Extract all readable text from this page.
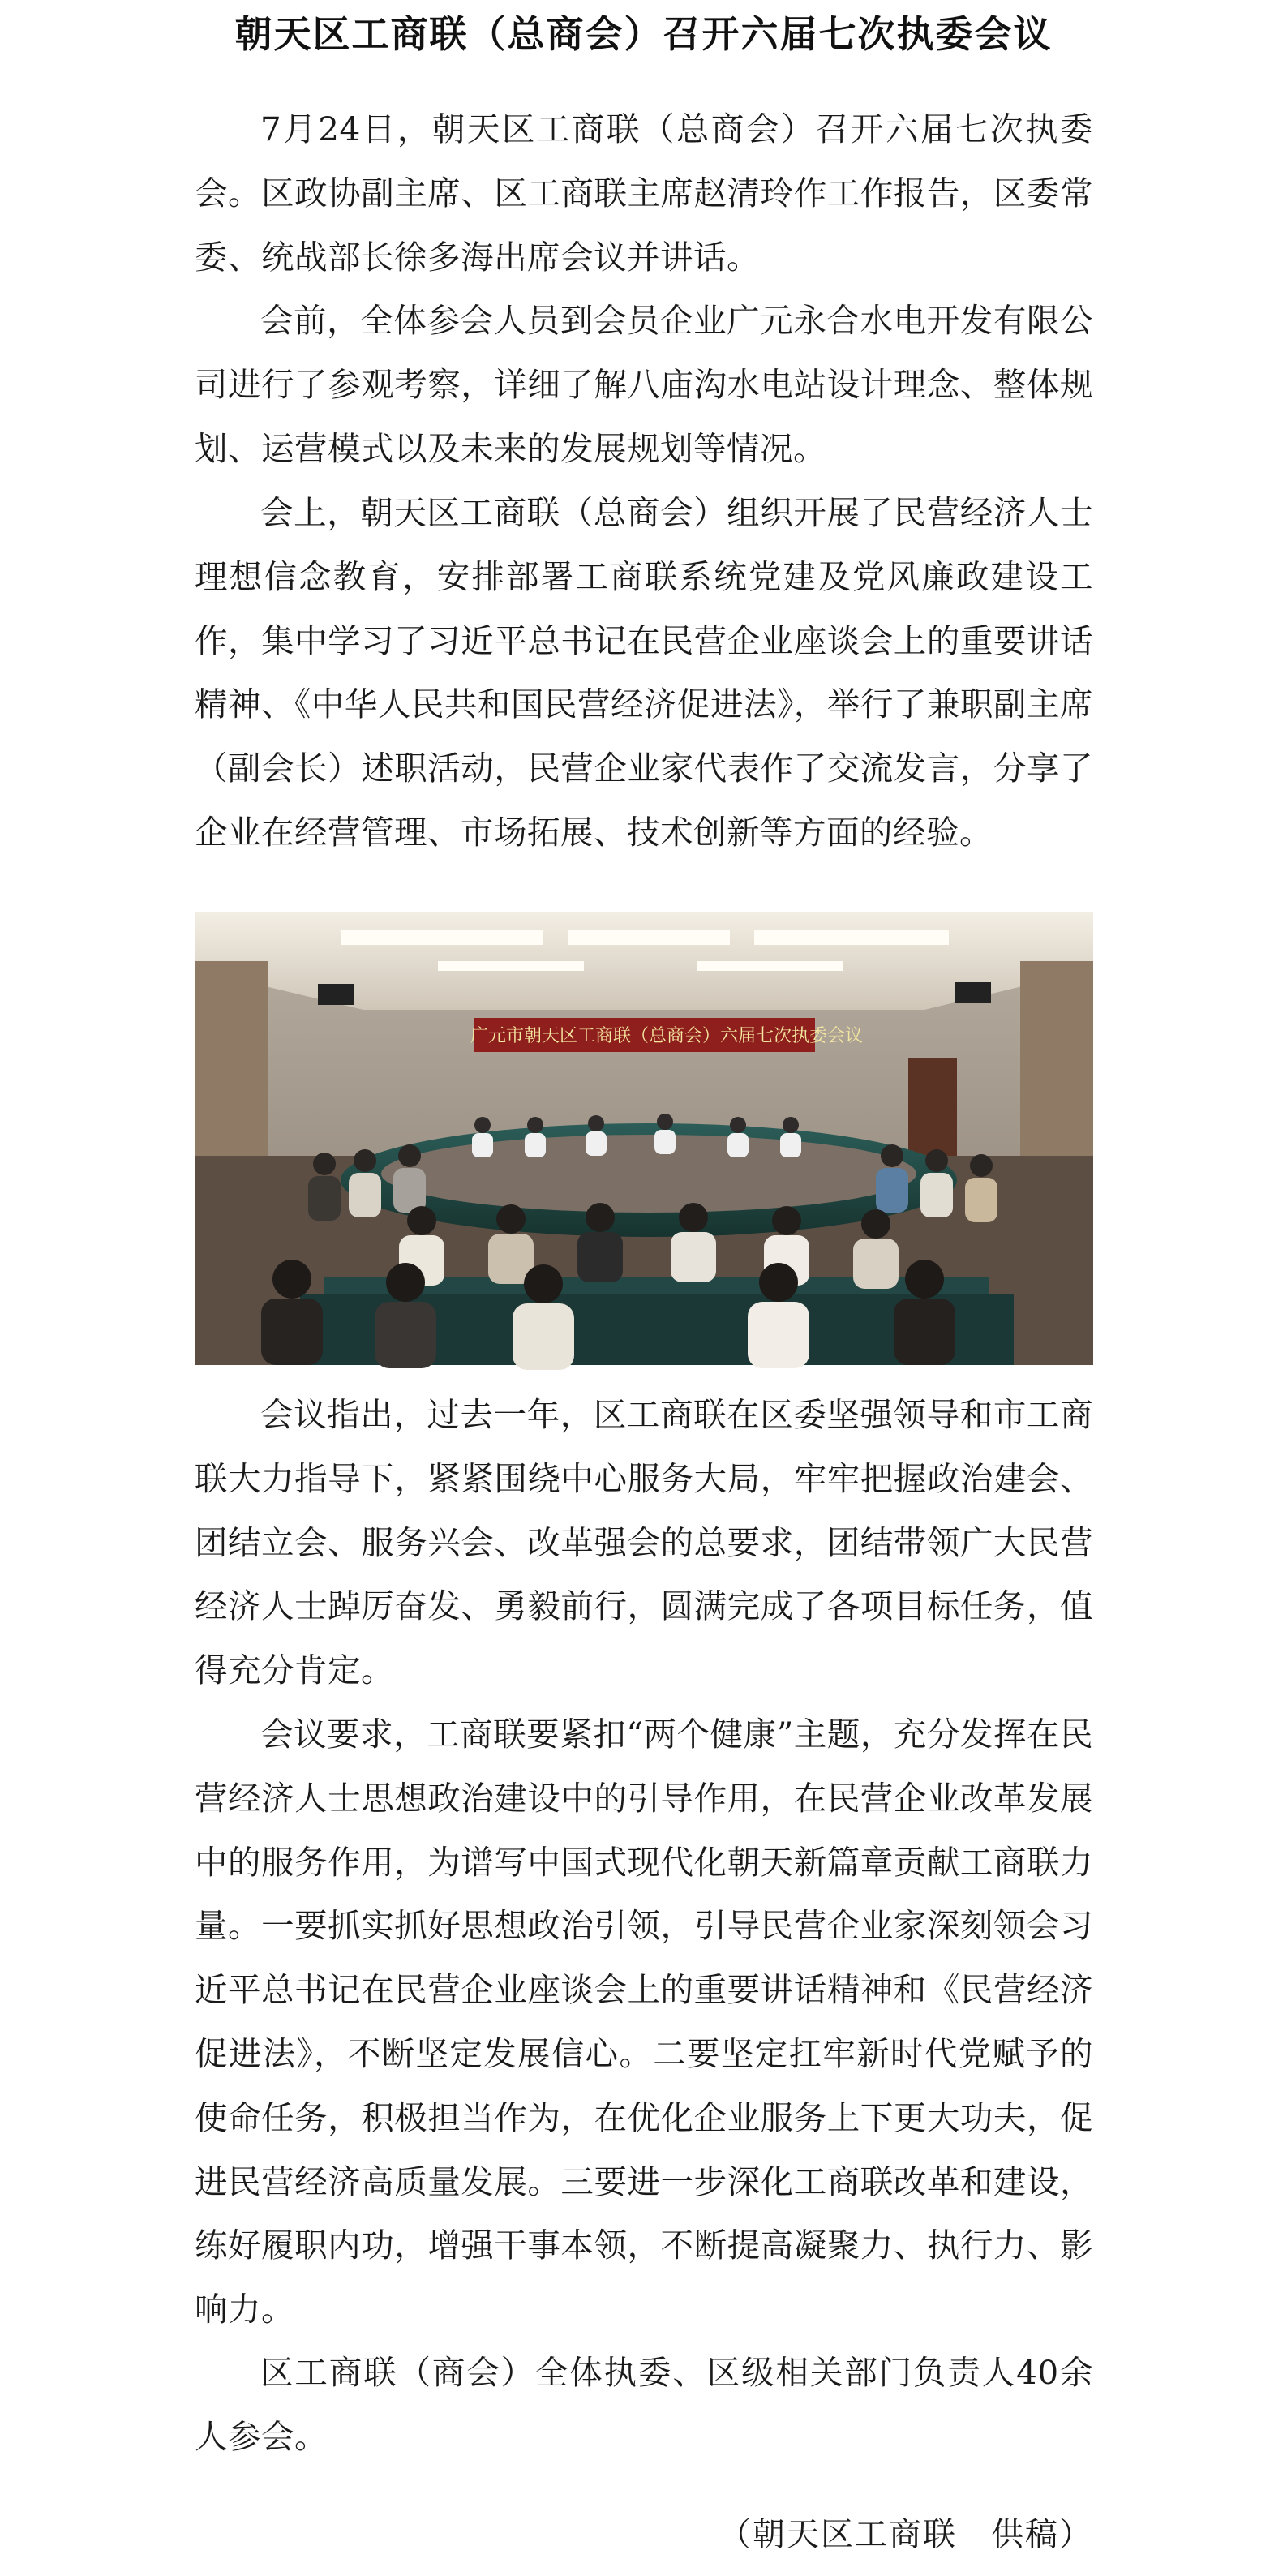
朝天区工商联（总商会）召开六届七次执委会议

7月24日，朝天区工商联（总商会）召开六届七次执委会。区政协副主席、区工商联主席赵清玲作工作报告，区委常委、统战部长徐多海出席会议并讲话。

会前，全体参会人员到会员企业广元永合水电开发有限公司进行了参观考察，详细了解八庙沟水电站设计理念、整体规划、运营模式以及未来的发展规划等情况。

会上，朝天区工商联（总商会）组织开展了民营经济人士理想信念教育，安排部署工商联系统党建及党风廉政建设工作，集中学习了习近平总书记在民营企业座谈会上的重要讲话精神、《中华人民共和国民营经济促进法》，举行了兼职副主席（副会长）述职活动，民营企业家代表作了交流发言，分享了企业在经营管理、市场拓展、技术创新等方面的经验。

广元市朝天区工商联（总商会）六届七次执委会议

会议指出，过去一年，区工商联在区委坚强领导和市工商联大力指导下，紧紧围绕中心服务大局，牢牢把握政治建会、团结立会、服务兴会、改革强会的总要求，团结带领广大民营经济人士踔厉奋发、勇毅前行，圆满完成了各项目标任务，值得充分肯定。

会议要求，工商联要紧扣“两个健康”主题，充分发挥在民营经济人士思想政治建设中的引导作用，在民营企业改革发展中的服务作用，为谱写中国式现代化朝天新篇章贡献工商联力量。一要抓实抓好思想政治引领，引导民营企业家深刻领会习近平总书记在民营企业座谈会上的重要讲话精神和《民营经济促进法》，不断坚定发展信心。二要坚定扛牢新时代党赋予的使命任务，积极担当作为，在优化企业服务上下更大功夫，促进民营经济高质量发展。三要进一步深化工商联改革和建设，练好履职内功，增强干事本领，不断提高凝聚力、执行力、影响力。

区工商联（商会）全体执委、区级相关部门负责人40余人参会。

（朝天区工商联　供稿）
